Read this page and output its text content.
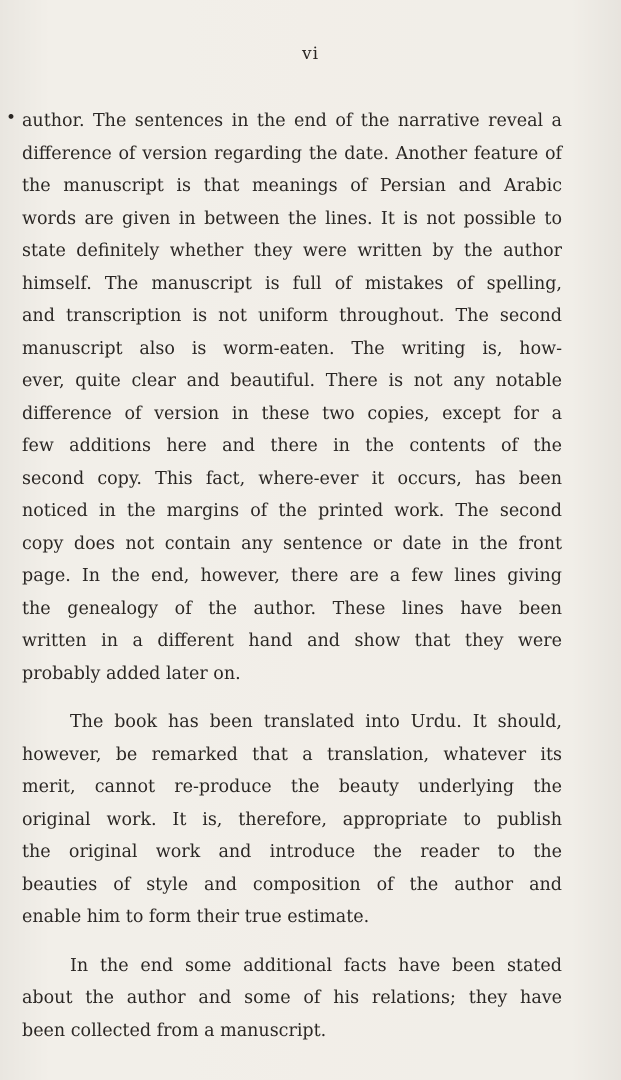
vi
• author. The sentences in the end of the narrative reveal a
difference of version regarding the date. Another feature of
the manuscript is that meanings of Persian and Arabic
words are given in between the lines. It is not possible to
state definitely whether they were written by the author
himself. The manuscript is full of mistakes of spelling,
and transcription is not uniform throughout. The second
manuscript also is worm-eaten. The writing is, how-
ever, quite clear and beautiful. There is not any notable
difference of version in these two copies, except for a
few additions here and there in the contents of the
second copy. This fact, where-ever it occurs, has been
noticed in the margins of the printed work. The second
copy does not contain any sentence or date in the front
page. In the end, however, there are a few lines giving
the genealogy of the author. These lines have been
written in a different hand and show that they were
probably added later on.
The book has been translated into Urdu. It should,
however, be remarked that a translation, whatever its
merit, cannot re-produce the beauty underlying the
original work. It is, therefore, appropriate to publish
the original work and introduce the reader to the
beauties of style and composition of the author and
enable him to form their true estimate.
In the end some additional facts have been stated
about the author and some of his relations; they have
been collected from a manuscript.
